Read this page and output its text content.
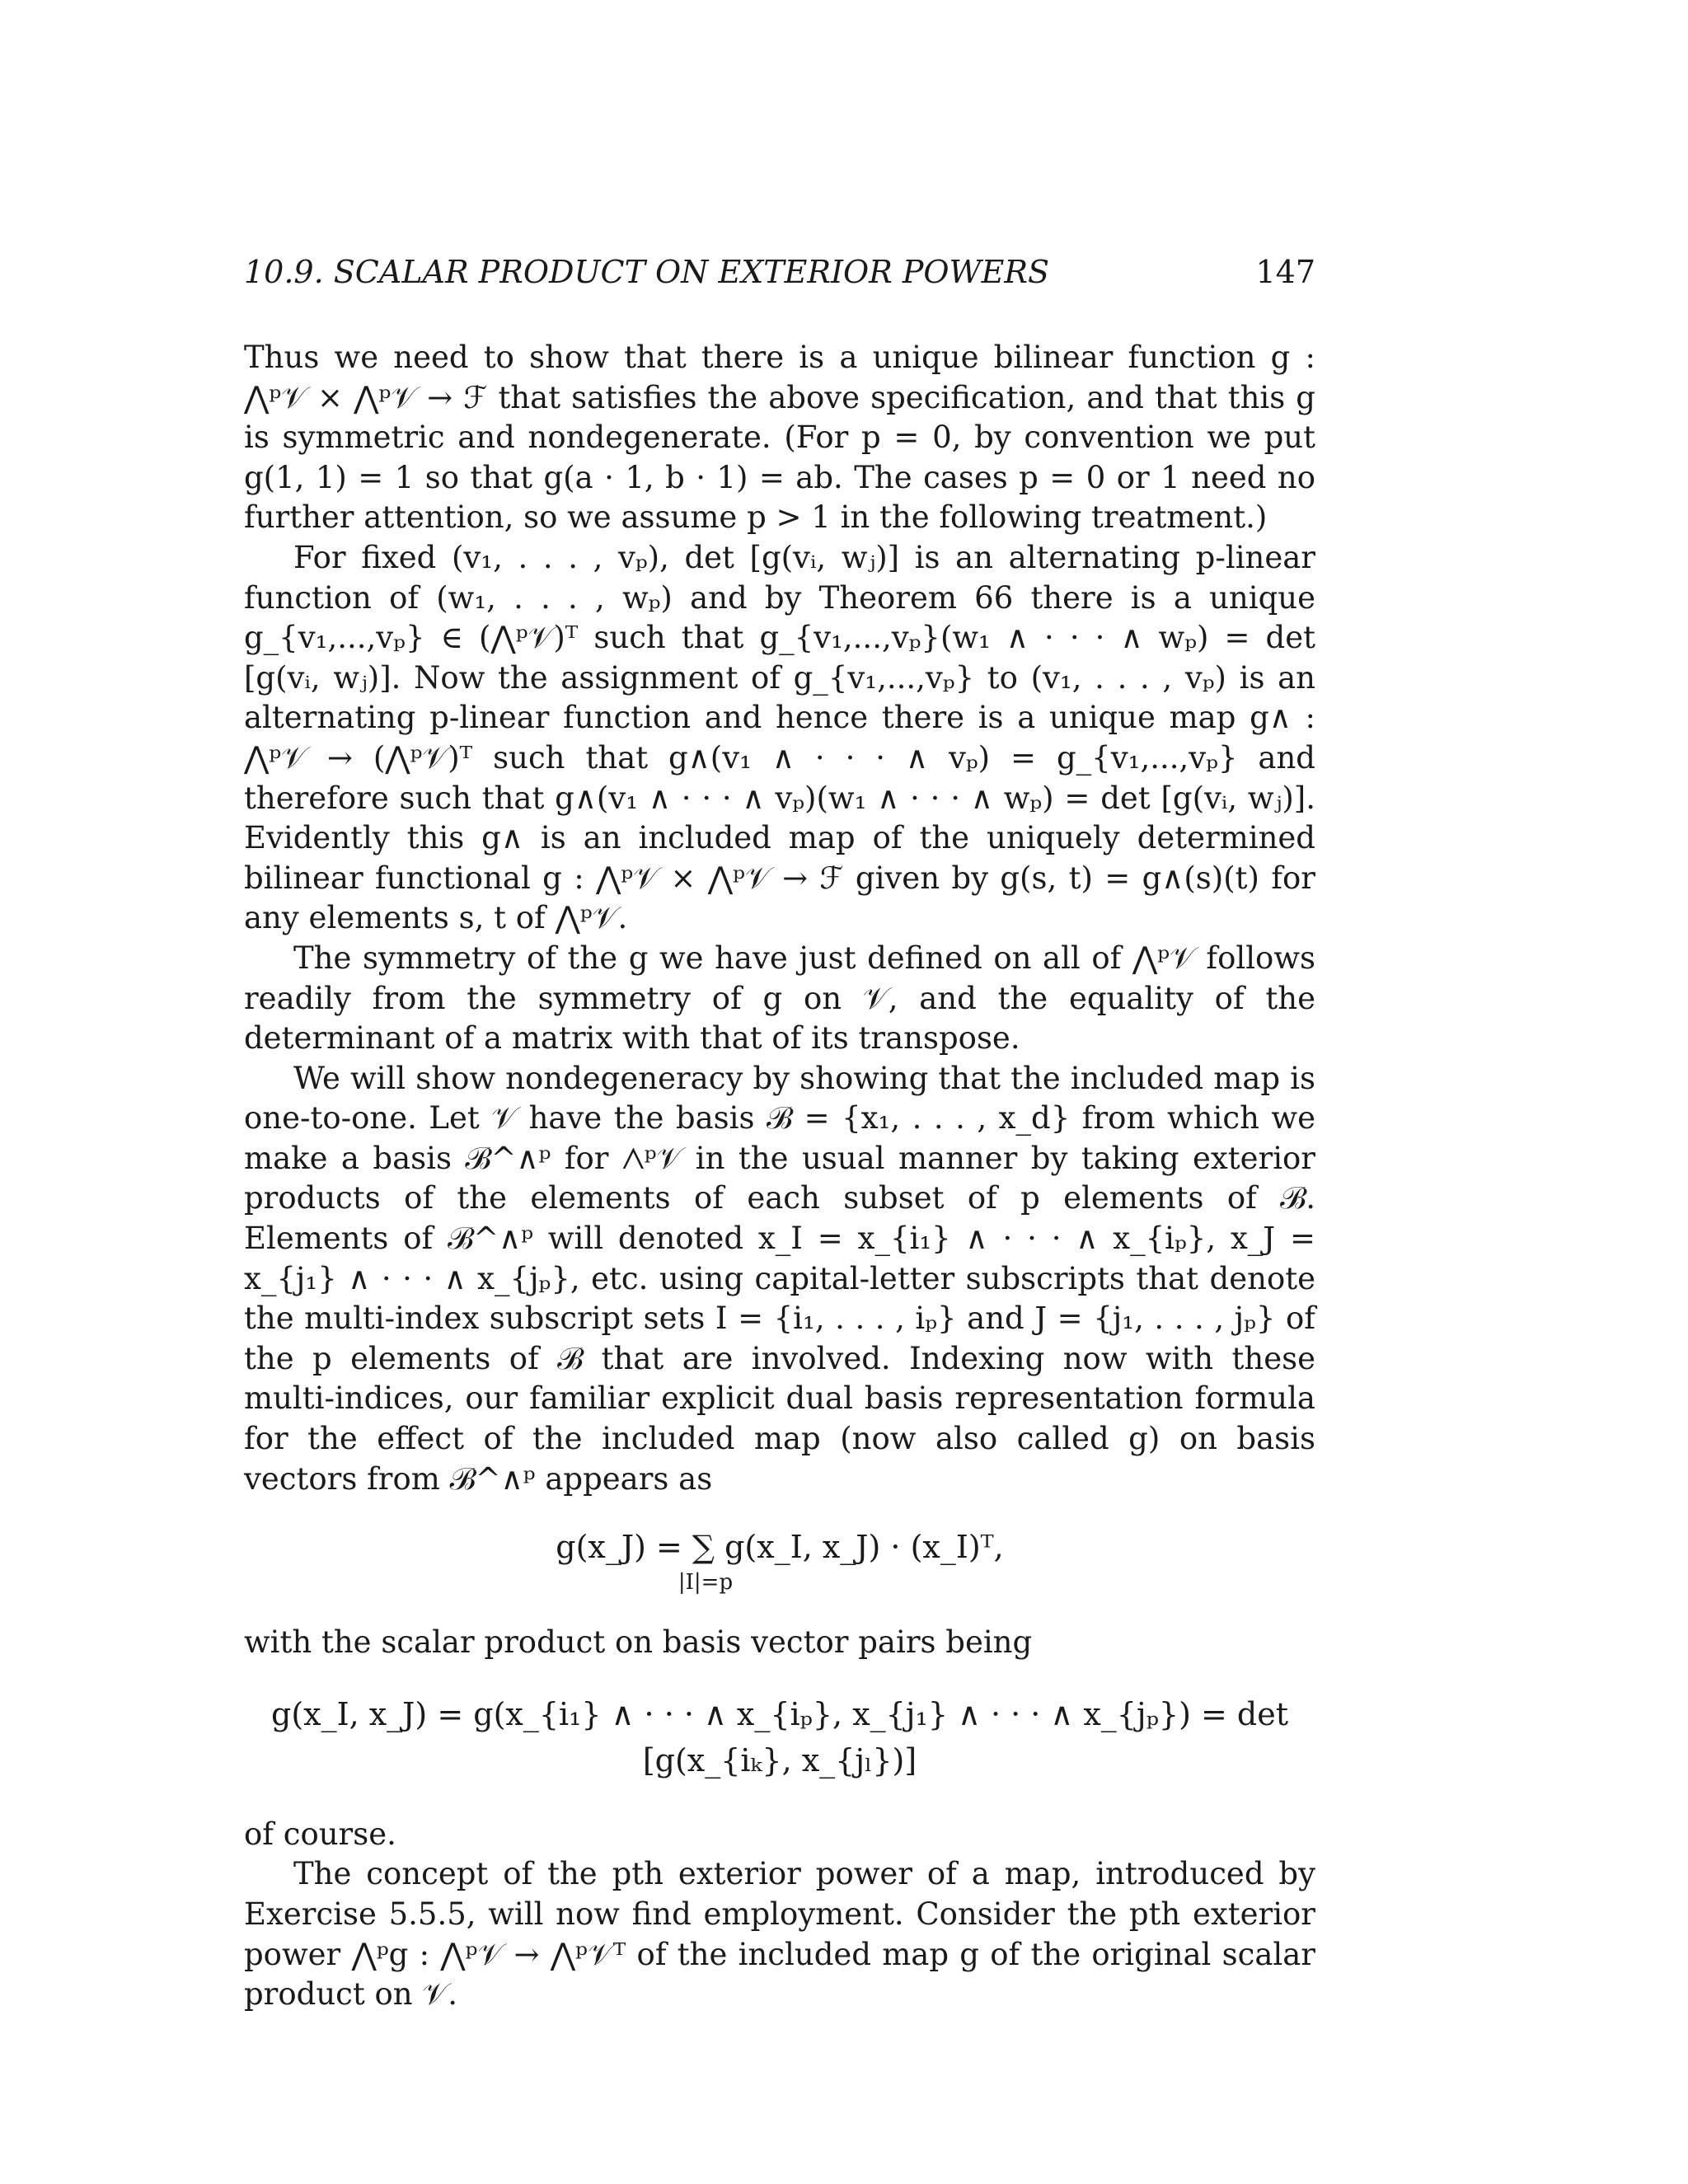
10.9. SCALAR PRODUCT ON EXTERIOR POWERS	147

Thus we need to show that there is a unique bilinear function g : ⋀ᵖ𝒱 × ⋀ᵖ𝒱 → ℱ that satisfies the above specification, and that this g is symmetric and nondegenerate. (For p = 0, by convention we put g(1, 1) = 1 so that g(a · 1, b · 1) = ab. The cases p = 0 or 1 need no further attention, so we assume p > 1 in the following treatment.)

For fixed (v₁, . . . , vₚ), det [g(vᵢ, wⱼ)] is an alternating p-linear function of (w₁, . . . , wₚ) and by Theorem 66 there is a unique g_{v₁,...,vₚ} ∈ (⋀ᵖ𝒱)ᵀ such that g_{v₁,...,vₚ}(w₁ ∧ · · · ∧ wₚ) = det [g(vᵢ, wⱼ)]. Now the assignment of g_{v₁,...,vₚ} to (v₁, . . . , vₚ) is an alternating p-linear function and hence there is a unique map g∧ : ⋀ᵖ𝒱 → (⋀ᵖ𝒱)ᵀ such that g∧(v₁ ∧ · · · ∧ vₚ) = g_{v₁,...,vₚ} and therefore such that g∧(v₁ ∧ · · · ∧ vₚ)(w₁ ∧ · · · ∧ wₚ) = det [g(vᵢ, wⱼ)]. Evidently this g∧ is an included map of the uniquely determined bilinear functional g : ⋀ᵖ𝒱 × ⋀ᵖ𝒱 → ℱ given by g(s, t) = g∧(s)(t) for any elements s, t of ⋀ᵖ𝒱.

The symmetry of the g we have just defined on all of ⋀ᵖ𝒱 follows readily from the symmetry of g on 𝒱, and the equality of the determinant of a matrix with that of its transpose.

We will show nondegeneracy by showing that the included map is one-to-one. Let 𝒱 have the basis ℬ = {x₁, . . . , x_d} from which we make a basis ℬ^∧ᵖ for ⋀ᵖ𝒱 in the usual manner by taking exterior products of the elements of each subset of p elements of ℬ. Elements of ℬ^∧ᵖ will denoted x_I = x_{i₁} ∧ · · · ∧ x_{iₚ}, x_J = x_{j₁} ∧ · · · ∧ x_{jₚ}, etc. using capital-letter subscripts that denote the multi-index subscript sets I = {i₁, . . . , iₚ} and J = {j₁, . . . , jₚ} of the p elements of ℬ that are involved. Indexing now with these multi-indices, our familiar explicit dual basis representation formula for the effect of the included map (now also called g) on basis vectors from ℬ^∧ᵖ appears as

g(x_J) = ∑ g(x_I, x_J) · (x_I)ᵀ,
|I|=p

with the scalar product on basis vector pairs being

g(x_I, x_J) = g(x_{i₁} ∧ · · · ∧ x_{iₚ}, x_{j₁} ∧ · · · ∧ x_{jₚ}) = det [g(x_{iₖ}, x_{jₗ})]

of course.

The concept of the pth exterior power of a map, introduced by Exercise 5.5.5, will now find employment. Consider the pth exterior power ⋀ᵖg : ⋀ᵖ𝒱 → ⋀ᵖ𝒱ᵀ of the included map g of the original scalar product on 𝒱.
